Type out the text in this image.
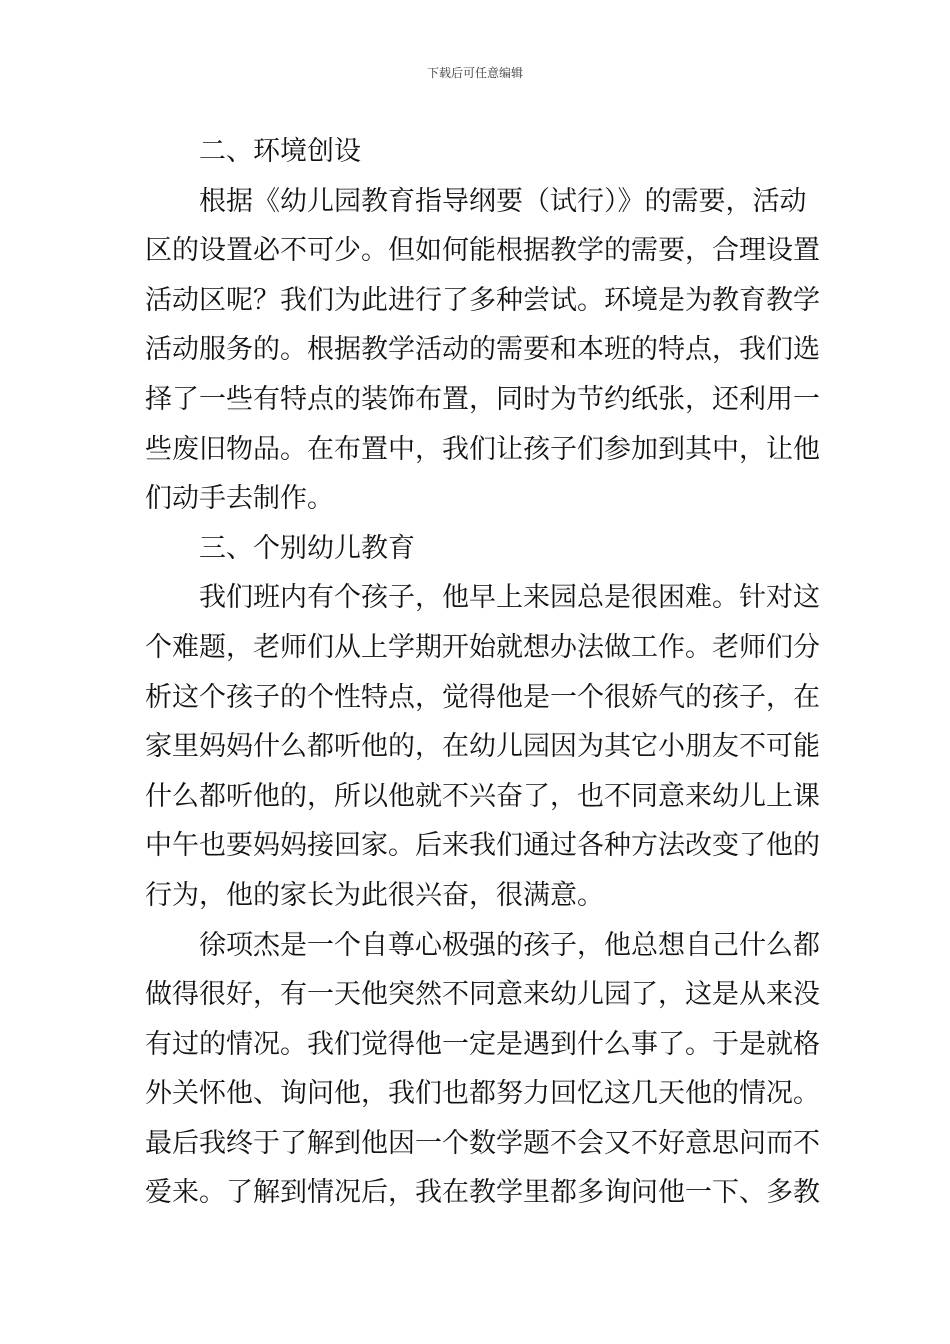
下载后可任意编辑
二、环境创设
根据《幼儿园教育指导纲要（试行）》的需要，活动
区的设置必不可少。但如何能根据教学的需要，合理设置
活动区呢？我们为此进行了多种尝试。环境是为教育教学
活动服务的。根据教学活动的需要和本班的特点，我们选
择了一些有特点的装饰布置，同时为节约纸张，还利用一
些废旧物品。在布置中，我们让孩子们参加到其中，让他
们动手去制作。
三、个别幼儿教育
我们班内有个孩子，他早上来园总是很困难。针对这
个难题，老师们从上学期开始就想办法做工作。老师们分
析这个孩子的个性特点，觉得他是一个很娇气的孩子，在
家里妈妈什么都听他的，在幼儿园因为其它小朋友不可能
什么都听他的，所以他就不兴奋了，也不同意来幼儿上课
中午也要妈妈接回家。后来我们通过各种方法改变了他的
行为，他的家长为此很兴奋，很满意。
徐项杰是一个自尊心极强的孩子，他总想自己什么都
做得很好，有一天他突然不同意来幼儿园了，这是从来没
有过的情况。我们觉得他一定是遇到什么事了。于是就格
外关怀他、询问他，我们也都努力回忆这几天他的情况。
最后我终于了解到他因一个数学题不会又不好意思问而不
爱来。了解到情况后，我在教学里都多询问他一下、多教
